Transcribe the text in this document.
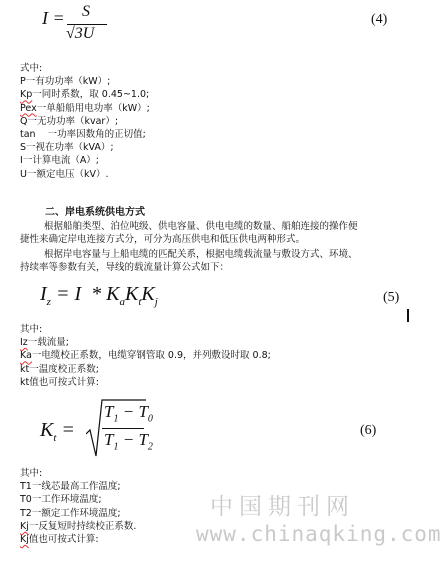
I = S
√3U
(4)
式中:
P一有功功率（kW）;
Kp一同时系数，取 0.45~1.0;
Pex一单船船用电功率（kW）;
Q一无功功率（kvar）;
tan    一功率因数角的正切值;
S一视在功率（kVA）;
I一计算电流（A）;
U一额定电压（kV）.
二、岸电系统供电方式
根据船舶类型、泊位吨级、供电容量、供电电缆的数量、船舶连接的操作便
捷性来确定岸电连接方式分，可分为高压供电和低压供电两种形式。
根据岸电容量与上船电缆的匹配关系，根据电缆载流量与敷设方式、环境、
持续率等参数有关，导线的载流量计算公式如下：
$I_z = I * K_aK_tK_j$	(5)
其中:
Iz一载流量;
Ka一电缆校正系数，电缆穿钢管取 0.9，并列敷设时取 0.8;
kt一温度校正系数;
kt值也可按式计算:
$K_t$ =
$T_1 - T_0$
$T_1 - T_2$
(6)
其中:
T1一线芯最高工作温度;
T0一工作环境温度;
T2一额定工作环境温度;
Kj一反复短时持续校正系数.
Kj值也可按式计算:
中国期刊网
www.chinaqking.com
